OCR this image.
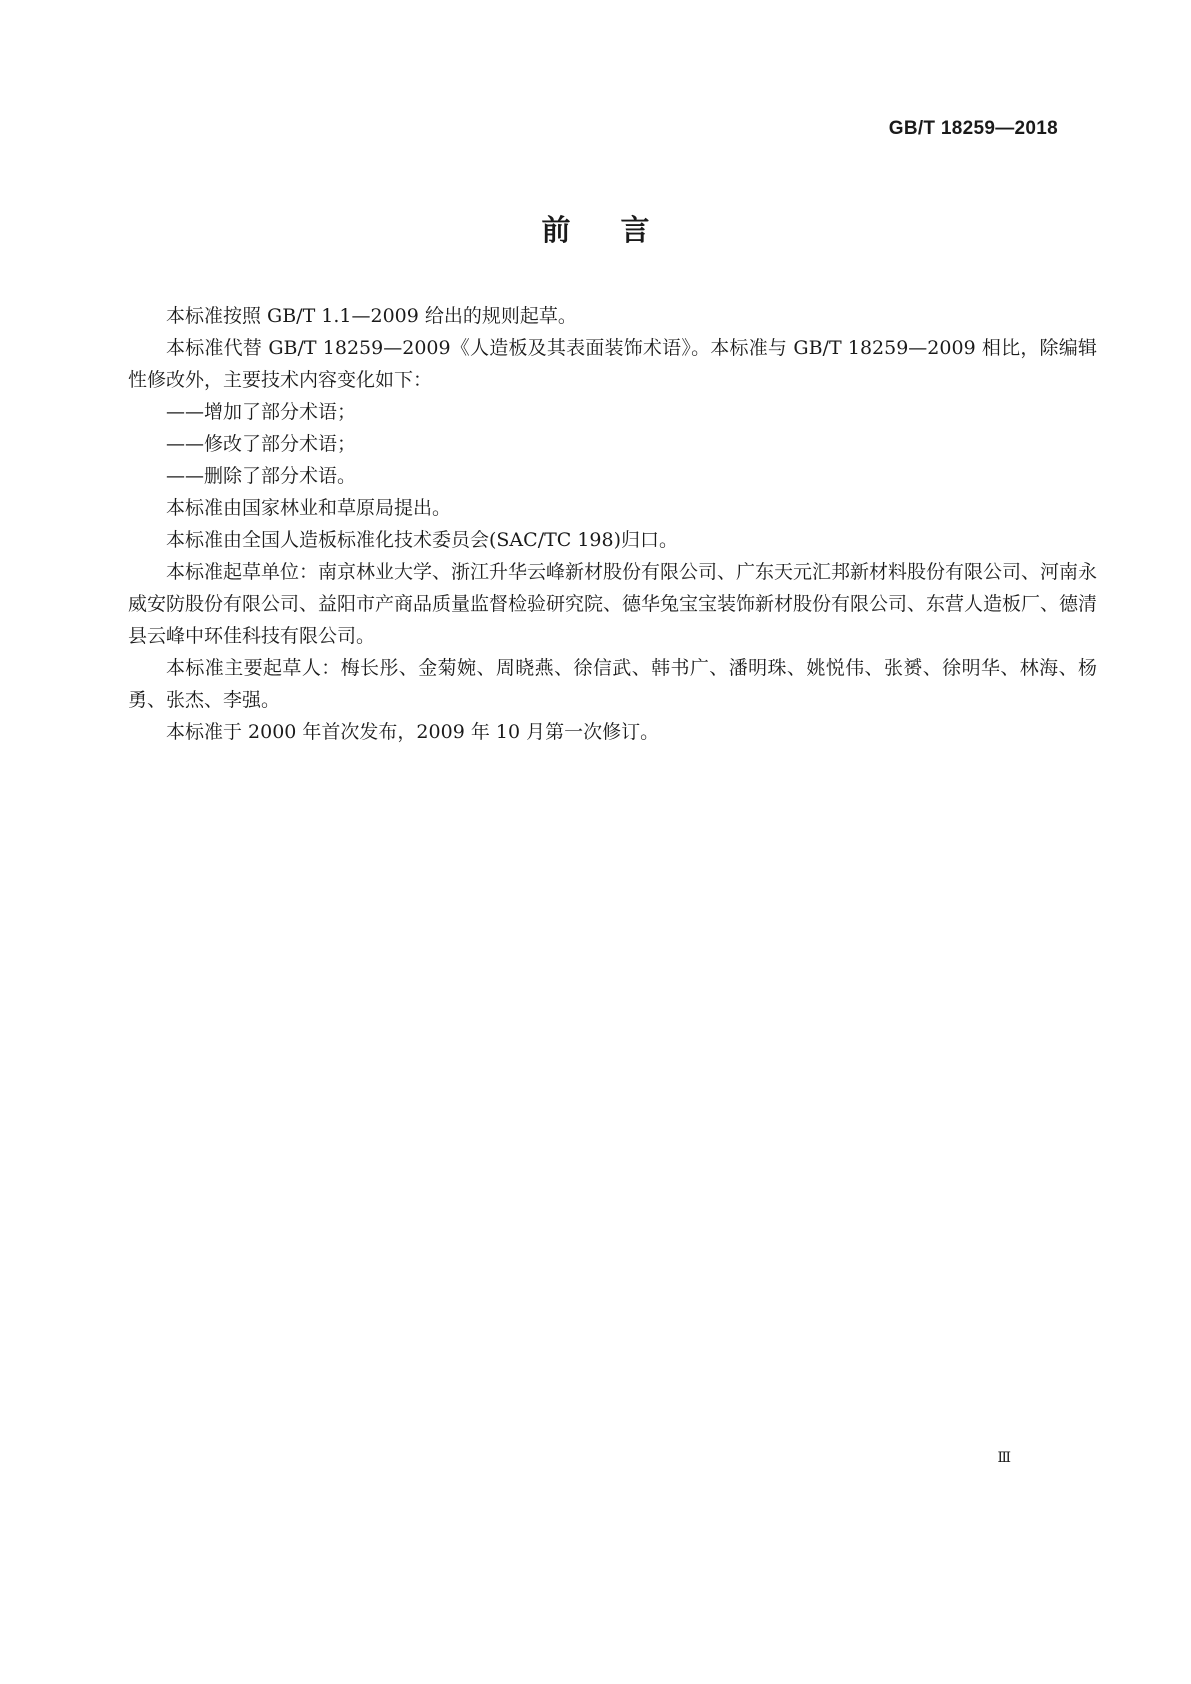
GB/T 18259—2018
前言

本标准按照 GB/T 1.1—2009 给出的规则起草。

本标准代替 GB/T 18259—2009《人造板及其表面装饰术语》。本标准与 GB/T 18259—2009 相比，除编辑性修改外，主要技术内容变化如下：

——增加了部分术语；

——修改了部分术语；

——删除了部分术语。

本标准由国家林业和草原局提出。

本标准由全国人造板标准化技术委员会(SAC/TC 198)归口。

本标准起草单位：南京林业大学、浙江升华云峰新材股份有限公司、广东天元汇邦新材料股份有限公司、河南永威安防股份有限公司、益阳市产商品质量监督检验研究院、德华兔宝宝装饰新材股份有限公司、东营人造板厂、德清县云峰中环佳科技有限公司。

本标准主要起草人：梅长彤、金菊婉、周晓燕、徐信武、韩书广、潘明珠、姚悦伟、张赟、徐明华、林海、杨勇、张杰、李强。

本标准于 2000 年首次发布，2009 年 10 月第一次修订。

Ⅲ
